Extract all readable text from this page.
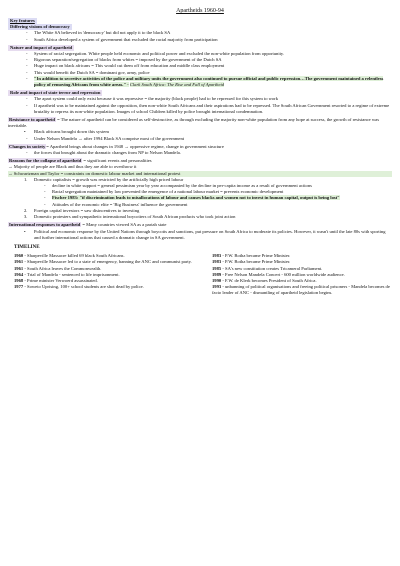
Apartheids 1960-94
Key features
Differing visions of democracy
- The White SA believed in 'democracy' but did not apply it to the black SA
- South Africa developed a system of government that excluded the racial majority from participation
Nature and impact of apartheid
- System of racial segregation. White people held economic and political power and excluded the non-white population from opportunity.
- Rigorous separation/segregation of blacks from whites = imposed by the government of the Dutch SA
- Huge impact on black africans = This would cut them off from education and middle class employment
- This would benefit the Dutch SA = dominant gov, army, police
- "In addition to secretive activities of the police and military units the government also continued to pursue official and public repression…The government maintained a relentless policy of removing Africans from white areas." - Clark South Africa: The Rise and Fall of Apartheid
Role and impact of state terror and repression
- The apart system could only exist because it was repressive = the majority (black people) had to be repressed for this system to work
- If apartheid was to be maintained against the opposition, then non-white South Africans and their aspirations had to be repressed. The South African Government resorted to a regime of extreme brutality to repress its non-white population. Images of school Children killed by police brought international condemnation.
Resistance to apartheid = The nature of apartheid can be considered as self-destructive, as through excluding the majority non-white population from any hope at success, the growth of resistance was inevitable.
• Black africans brought down this system
- Under Nelson Mandela → after 1994 Black SA comprise most of the government
Changes in society= Apartheid brings about changes in 1948 → oppressive regime, change in government structure
- the forces that brought about the dramatic changes from NP to Nelson Mandela.
Reasons for the collapse of apartheid = significant events and personalities
→ Majority of people are Black and thus they are able to overthrow it
→ Schwartzman and Taylor = constraints on domestic labour market and international protest
1. Domestic capitalists = growth was restricted by the artificially high priced labour
- decline in white support = general pessimism year by year accompanied by the decline in per-capita income as a result of government actions
- Racial segregation maintained by law prevented the emergence of a national labour market = prevents economic development
- Fischer 1983: "if discrimination leads to misallocations of labour and causes blacks and women not to invest in human capital, output is being lost"
- Attitudes of the economic elite = 'Big Business' influence the government
2. Foreign capital investors = saw disincentives to investing
3. Domestic protesters and sympathetic international boycotters of South African products who took joint action
International responses to apartheid = Many countries viewed SA as a pariah state
• Political and economic response by the United Nations through boycotts and sanctions, put pressure on South Africa to moderate its policies. However, it wasn't until the late 80s with sporting and further international actions that caused a dramatic change in SA government.
TIMELINE

1960 - Sharpeville Massacre killed 69 black South Africans.

1961 - Sharpeville Massacre led to a state of emergency, banning the ANC and communist party.

1961 - South Africa leaves the Commonwealth.

1964 - Trial of Mandela - sentenced to life imprisonment.

1968 - Prime minister Verwoerd assassinated.

1977 - Soweto Uprising, 100+ school students are shot dead by police.

1983 - P.W. Botha became Prime Minister.

1983 - P.W. Botha became Prime Minister.

1985 - SA's new constitution creates Tricameral Parliament.

1989 - Free Nelson Mandela Concert - 600 million worldwide audience.

1990 - F.W. de Klerk becomes President of South Africa.

1993 - unbanning of political organisations and freeing political prisoners - Mandela becomes de facto leader of ANC - dismantling of apartheid legislation begins.
